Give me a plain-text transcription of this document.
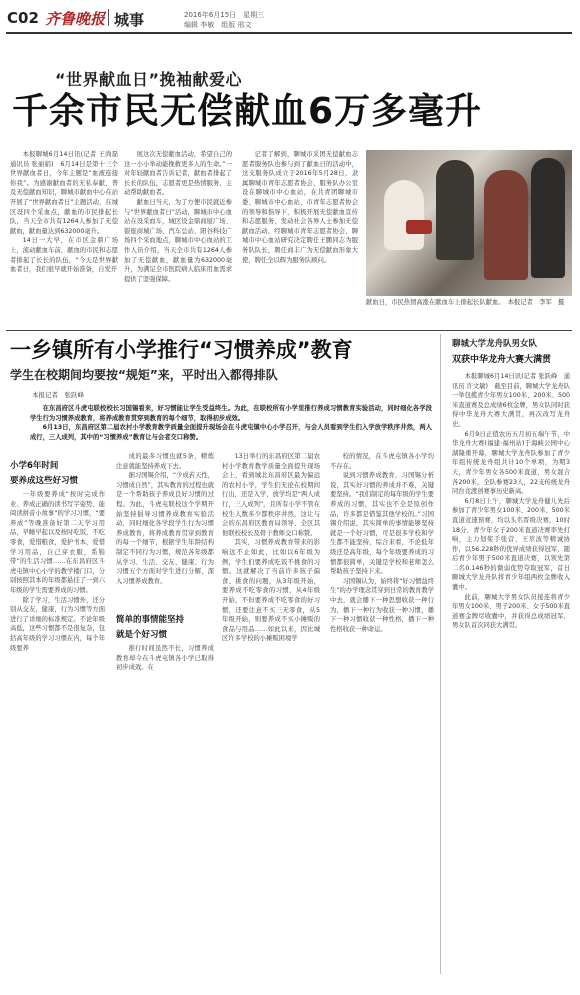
C02 齐鲁晚报 城事	2016年6月15日　星期三
编辑 李敏　组版 邢文
“世界献血日”挽袖献爱心
千余市民无偿献血6万多毫升

本报聊城6月14日讯(记者 王尚磊　通讯员 张丽娟)　6月14日是第十三个世界献血者日，今年主题是“血液连接你我”。为感谢献血者的无私奉献，普及无偿献血知识，聊城市献血中心在站开展了“世界献血者日”主题活动，在城区设四个采血点，献血的市民排起长队，当天全市共有1264人参加了无偿献血，献血量达到632000毫升。

14日一大早，在市区金鼎广场上，流动献血车前，献血的市民和志愿者排起了长长的队伍，“今天是世界献血者日，我们很早就开始准备，自发开

展这次无偿献血活动，希望自己的这一小小举动能挽救更多人的生命。”一对年轻献血者告诉记者，献血者排起了长长的队伍，志愿者更是热情服务，主动帮助献血者。

献血日当天，为了方便市民就近参与“世界献血者日”活动，聊城市中心血站在设采血车，城区设金鼎商厦广场、银座商城广场、汽车总站、阳谷科技广场四个采血地点，聊城市中心血站的工作人员介绍，当天全市共有1264人参加了无偿献血，献血量为632000毫升，为满足全市医院病人临床用血需求提供了坚强保障。

记者了解到，聊城市采团无偿献血志愿者服务队也参与到了献血日的活动中，这支服务队成立于2016年5月28日，隶属聊城市青年志愿者协会，服务队办公室设在聊城市中心血站，在共青团聊城市委、聊城市中心血站、市青年志愿者协会的领导和指导下，积极开展无偿献血宣传和志愿服务，发动社会各界人士参加无偿献血活动，经聊城市青年志愿者协会、聊城市中心血站研究决定聘任王鹏同志为服务队队长，聘任商丰广为无偿献血形象大使，聘任全以辉为服务队顾问。

献血日，市民热情高涨在献血车上排起长队献血。　本报记者　李军　摄
一乡镇所有小学推行“习惯养成”教育
学生在校期间均要按“规矩”来，平时出入都得排队
本报记者　张跃峰

在东昌府区斗虎屯联校校长习国锡看来，好习惯能让学生受益终生。为此，在联校所有小学里推行养成习惯教育实验活动，同时细化各学段学生行为习惯养成教育，将养成教育贯穿到教育的每个细节，取得初步成效。

6月13日，东昌府区第二届农村小学教育教学质量全面提升现场会在斗虎屯镇中心小学召开，与会人员看到学生们入学放学秩序井然，两人成行，三人成列，其中的“习惯养成”教育让与会者交口称赞。

小学6年时间
要养成这些好习惯

一年级要养成“按时完成作业、养成正确的读书写字姿势、能阅读拼音小故事”的学习习惯，“要养成”等晚准备好第二天学习用品，早睡早起以及按时吃饭，不吃零食，爱惜粮食，爱护书本，爱惜学习用品，自己穿衣服，系鞋带”的生活习惯……在东昌府区斗虎屯镇中心小学的教学楼门口，分别按照其本的年级都悬挂了一到六年级的学生需要养成的习惯。

除了学习，生活习惯外，还分别从交友，健康，行为习惯等方面进行了详细的标准规定。不论年级高低，这些习惯都不是很复杂，包括高年级的学习习惯在内，每个年级要养

成的最多习惯也就5条，精炼注意就能坚持养成下去。

据习国锡介绍，“少成若天性，习惯成自然”，其实教育的过程也就是一个帮助孩子养成良好习惯的过程。为此，斗虎屯联校这个学期开始坚持倡导习惯养成教育实验活动，同时细化各学段学生行为习惯养成教育，将养成教育贯穿到教育的每一个细节，根据学生年龄结构制定不同行为习惯，规范各年级都从学习、生活、交友、健康、行为习惯五个方面对学生进行分解，深入习惯养成教育。

简单的事情能坚持
就是个好习惯

推行时间虽然不长，习惯养成教育却令在斗虎屯镇各小学已取得初步成效。在

13日举行的东昌府区第二届农村小学教育教学质量全面提升现场会上，看到城北东昌府区最为偏远的农村小学，学生们无论在校期间行出，还是入学、放学均是“两人成行，三人成列”，且所有小学不管在校生人数多少都秩序井然，这让与会的东昌府区教育局领导、全区其他联校校长及骨干教师交口称赞。

其实，习惯养成教育带来的影响远不止如此，比如以6年级为例，学生们要养成吃饭不挑食的习惯。这就解决了当前许多孩子偏食、挑食的问题，从3年级开始，要养成不吃零食的习惯，从4年级开始，不但要养成不吃零食的好习惯，还要注意不买三无零食，从5年级开始，则要养成不买小摊贩的食品与用品……如此以来，因比城区许多学校的小摊贩困境学

校的情况，在斗虎屯镇各小学均不存在。

说到习惯养成教育，习国锡分析说，其实好习惯的养成并不难，关键要坚持。“我们制定的每年级的学生要养成的习惯，其实也不全是原创作品，许多都是借鉴其他学校的。”习国锡介绍说，其实简单的事情能够坚持就是一个好习惯，可是很多学校和学生都不能坚持，综合来看，不论低年级还是高年级，每个年级要养成的习惯都很简单，关键是学校和老师怎么帮助孩子坚持下来。

习国锡认为，始终将“好习惯益终生”的办学理念贯穿到日常的教育教学中去，就会播下一种思想收获一种行为，播下一种行为收获一种习惯，播下一种习惯收获一种性格，播下一种性格收获一种命运。

聊城大学龙舟队男女队
双获中华龙舟大赛大满贯

本报聊城6月14日讯(记者 张跃峰　通讯员 许文敏)　截至目前，聊城大学龙舟队一举包揽青少年男女100米、200米、500米直道赛及总成绩6枚金牌，男女队同时获得中华龙舟大赛大满贯，再次改写龙舟史。

6月9日正值农历五月初五端午节，中华龙舟大赛(福建·福州站)于海峡公园中心湖隆重开幕，聊城大学龙舟队参加了青少年组传统龙舟组共计10个单项，为期3天，青少年男女各500米直道，男女混合各200米，全队参赛23人，22支传统龙舟同台竞渡创赛事历史新高。

6月8日上午，聊城大学龙舟健儿先后参加了青少年男女100米、200米、500米直道竞速预赛，均以头名晋级决赛，10时18分，青少年女子200米直道决赛率先打响，主力划桨手张营、王萃波等精诚协作，以56.228秒的优异成绩获得冠军，随后青少年男子500米直道决赛，以领先第二名0.146秒的微弱优势夺取冠军，首日聊城大学龙舟队将青少年组两枚金牌收入囊中。

此前，聊城大学男女队员接连将青少年男女100米、男子200米、女子500米直道赛金牌尽收囊中，并获得总成绩冠军，男女队首次同获大满贯。
